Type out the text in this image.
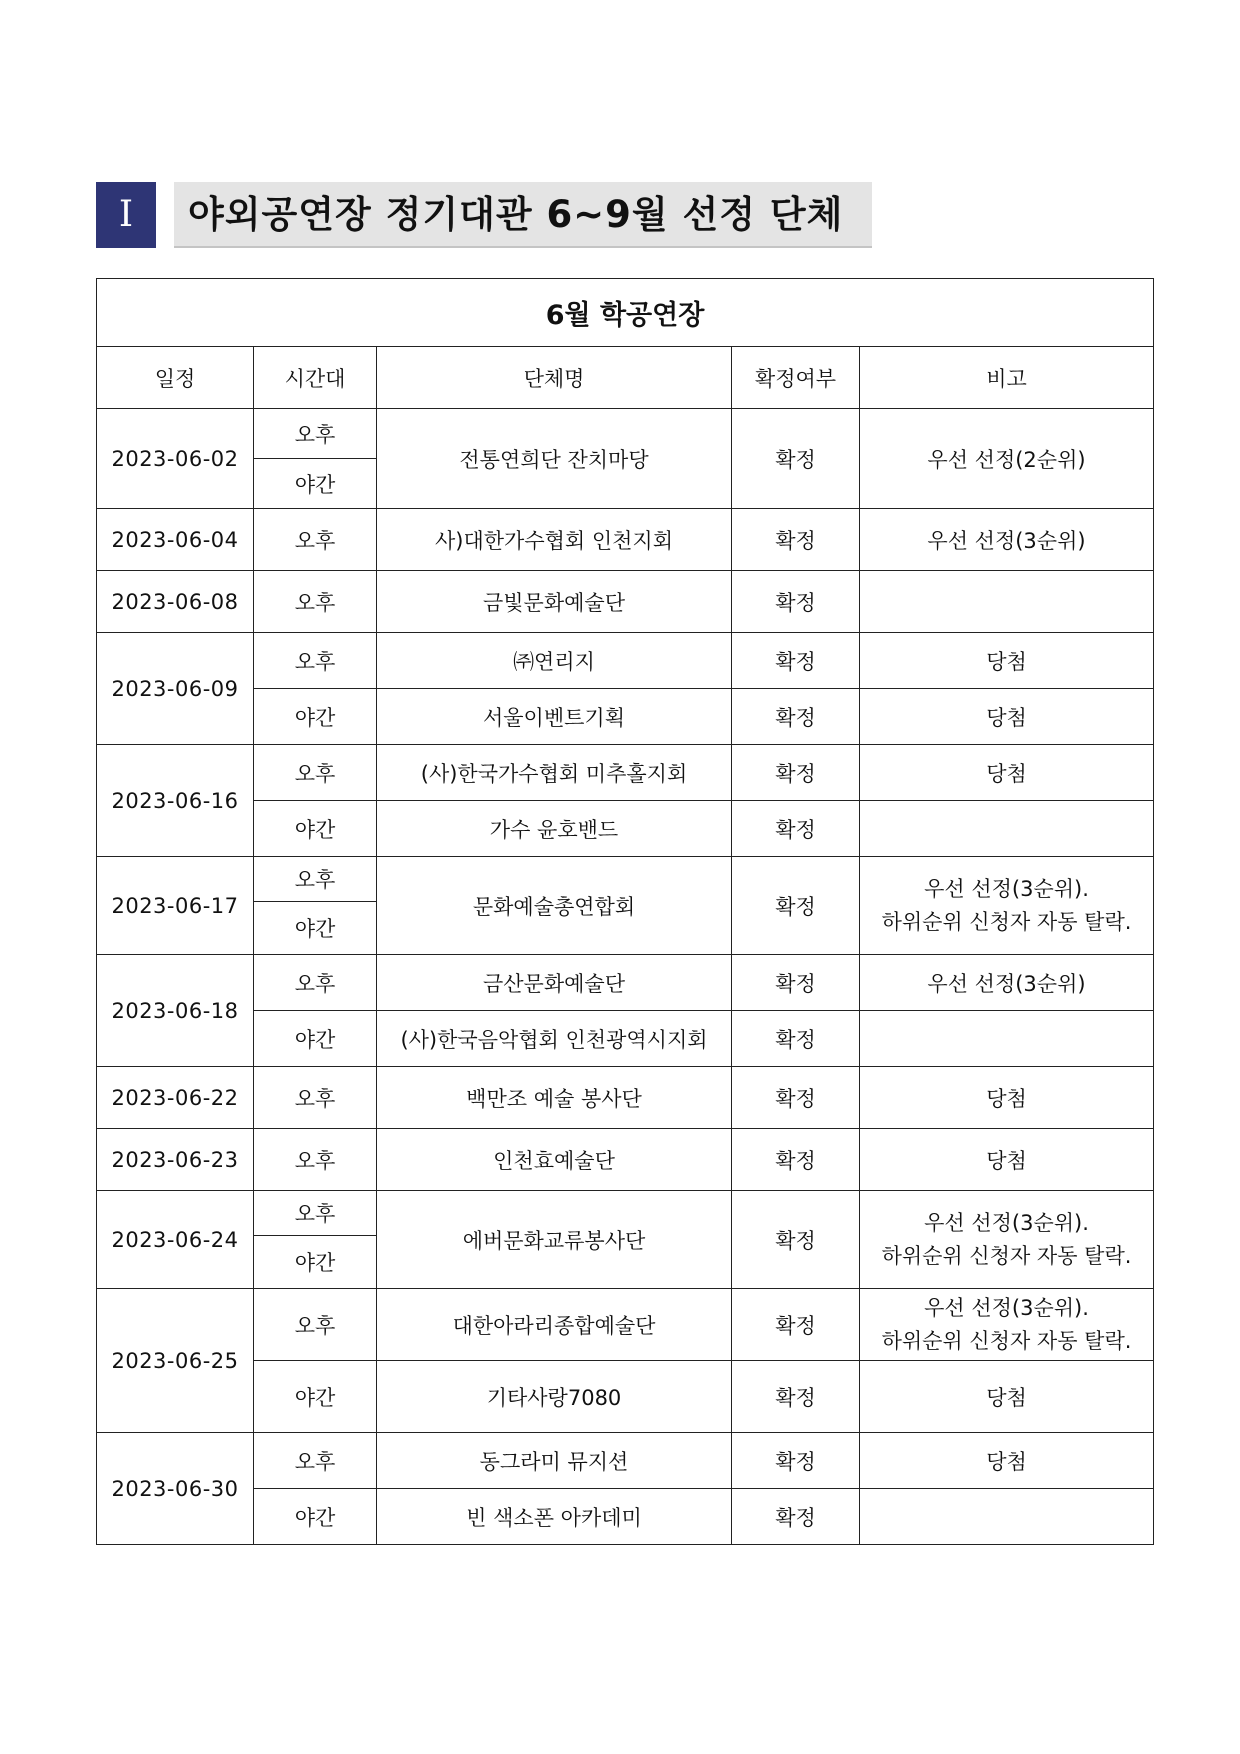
I	야외공연장 정기대관 6~9월 선정 단체
6월 학공연장				
일정	시간대	단체명	확정여부	비고
2023-06-02	오후	전통연희단 잔치마당	확정	우선 선정(2순위)
	야간			
2023-06-04	오후	사)대한가수협회 인천지회	확정	우선 선정(3순위)
2023-06-08	오후	금빛문화예술단	확정	
2023-06-09	오후	㈜연리지	확정	당첨
	야간	서울이벤트기획	확정	당첨
2023-06-16	오후	(사)한국가수협회 미추홀지회	확정	당첨
	야간	가수 윤호밴드	확정	
2023-06-17	오후	문화예술총연합회	확정	우선 선정(3순위).
하위순위 신청자 자동 탈락.

	야간			
2023-06-18	오후	금산문화예술단	확정	우선 선정(3순위)
	야간	(사)한국음악협회 인천광역시지회	확정	
2023-06-22	오후	백만조 예술 봉사단	확정	당첨
2023-06-23	오후	인천효예술단	확정	당첨
2023-06-24	오후	에버문화교류봉사단	확정	우선 선정(3순위).
하위순위 신청자 자동 탈락.

	야간			
2023-06-25	오후	대한아라리종합예술단	확정	우선 선정(3순위).
하위순위 신청자 자동 탈락.

	야간	기타사랑7080	확정	당첨
2023-06-30	오후	동그라미 뮤지션	확정	당첨
	야간	빈 색소폰 아카데미	확정	
